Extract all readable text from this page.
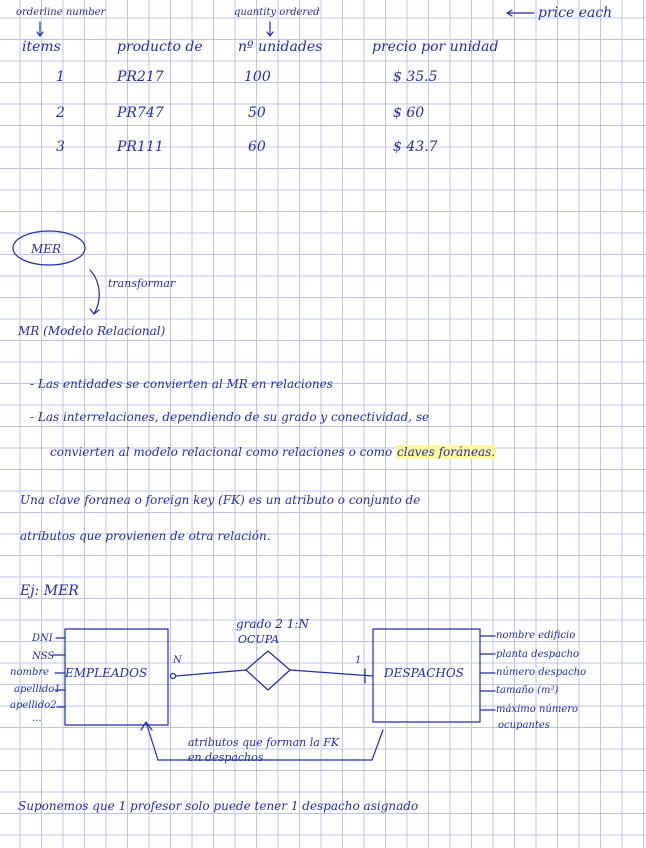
orderline number	quantity ordered	price each
items	producto de	nº unidades	precio por unidad
1	PR217	100	$ 35.5
2	PR747	50	$ 60
3	PR111	60	$ 43.7
MER
transformar
MR (Modelo Relacional)
- Las entidades se convierten al MR en relaciones
- Las interrelaciones, dependiendo de su grado y conectividad, se
convierten al modelo relacional como relaciones o como claves foráneas.
Una clave foranea o foreign key (FK) es un atributo o conjunto de
atributos que provienen de otra relación.
Ej: MER
grado 2 1:N
OCUPA
DNI
NSS
nombre
apellido1
apellido2
...
EMPLEADOS	DESPACHOS
N	1
nombre edificio
planta despacho
número despacho
tamaño (m²)
máximo número
ocupantes
atributos que forman la FK
en despachos
Suponemos que 1 profesor solo puede tener 1 despacho asignado
